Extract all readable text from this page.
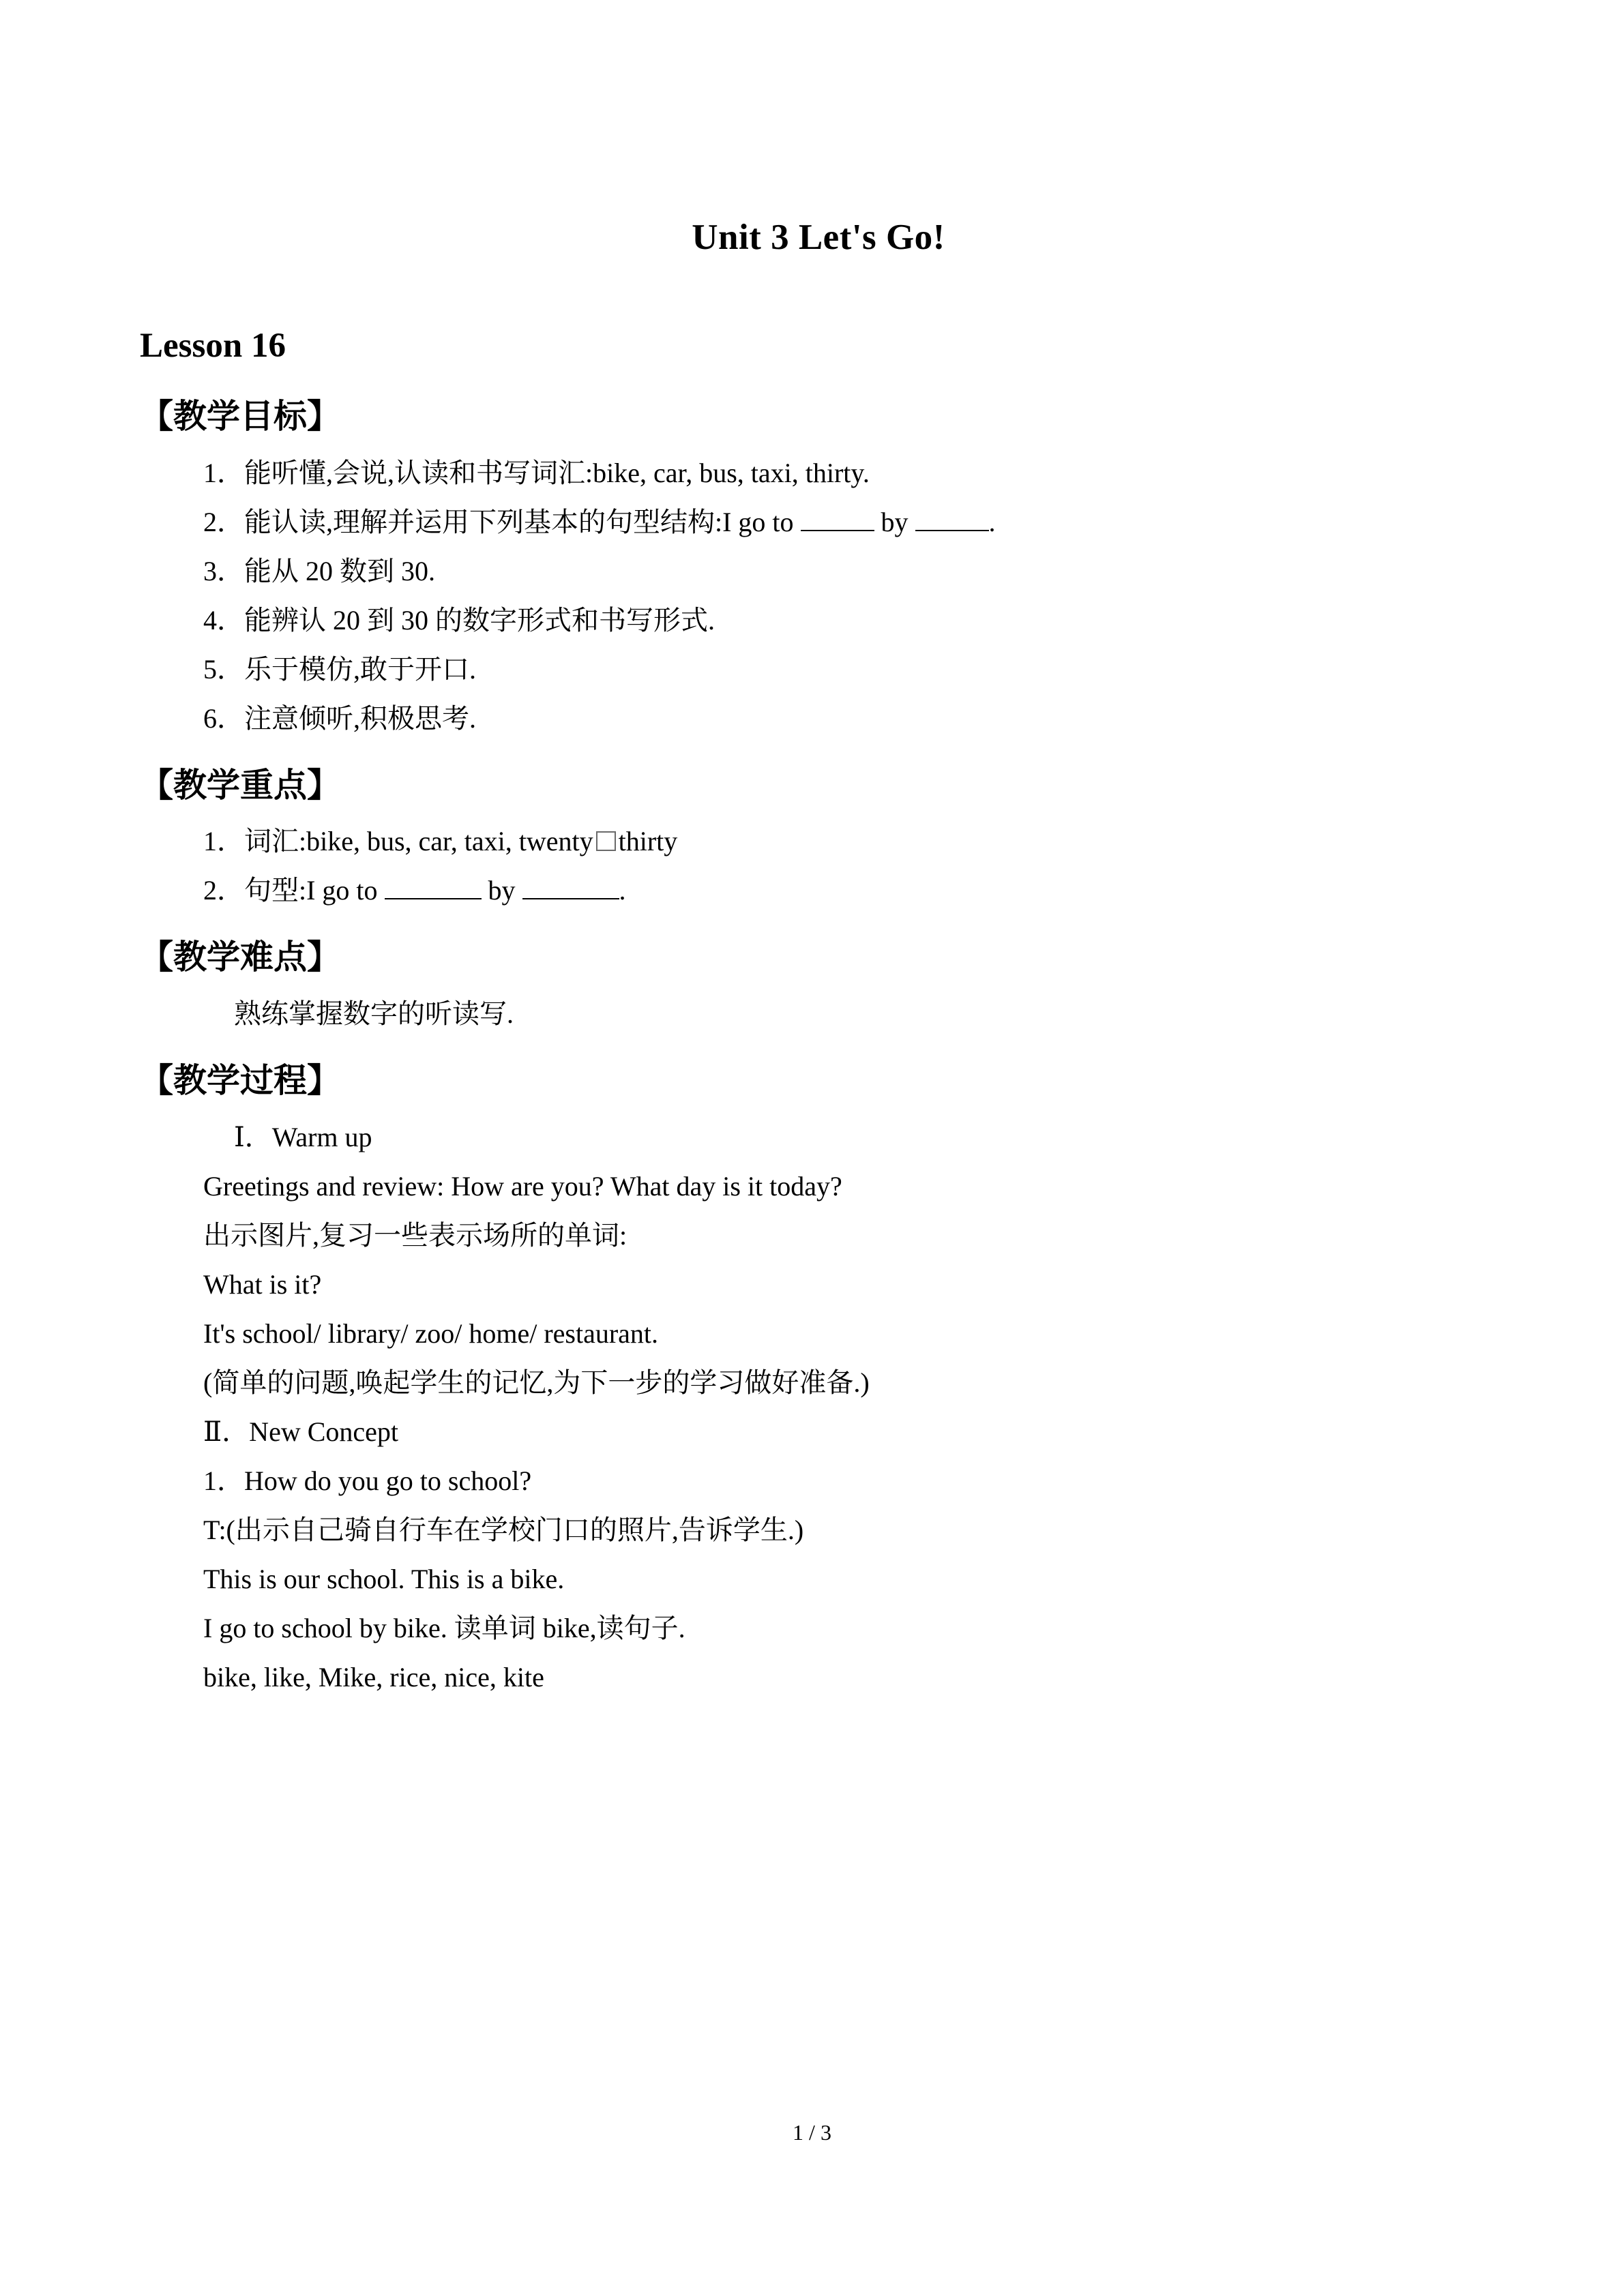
Unit 3 Let's Go!
Lesson 16
【教学目标】

1．能听懂,会说,认读和书写词汇:bike, car, bus, taxi, thirty.

2．能认读,理解并运用下列基本的句型结构:I go to	by	.

3．能从 20 数到 30.

4．能辨认 20 到 30 的数字形式和书写形式.

5．乐于模仿,敢于开口.

6．注意倾听,积极思考.

【教学重点】

1．词汇:bike, bus, car, taxi, twenty thirty

2．句型:I go to	by	.

【教学难点】

熟练掌握数字的听读写.

【教学过程】

Ⅰ．Warm up

Greetings and review: How are you? What day is it today?

出示图片,复习一些表示场所的单词:

What is it?

It's school/ library/ zoo/ home/ restaurant.

(简单的问题,唤起学生的记忆,为下一步的学习做好准备.)

Ⅱ．New Concept

1．How do you go to school?

T:(出示自己骑自行车在学校门口的照片,告诉学生.)

This is our school. This is a bike.

I go to school by bike. 读单词 bike,读句子.

bike, like, Mike, rice, nice, kite

1 / 3
